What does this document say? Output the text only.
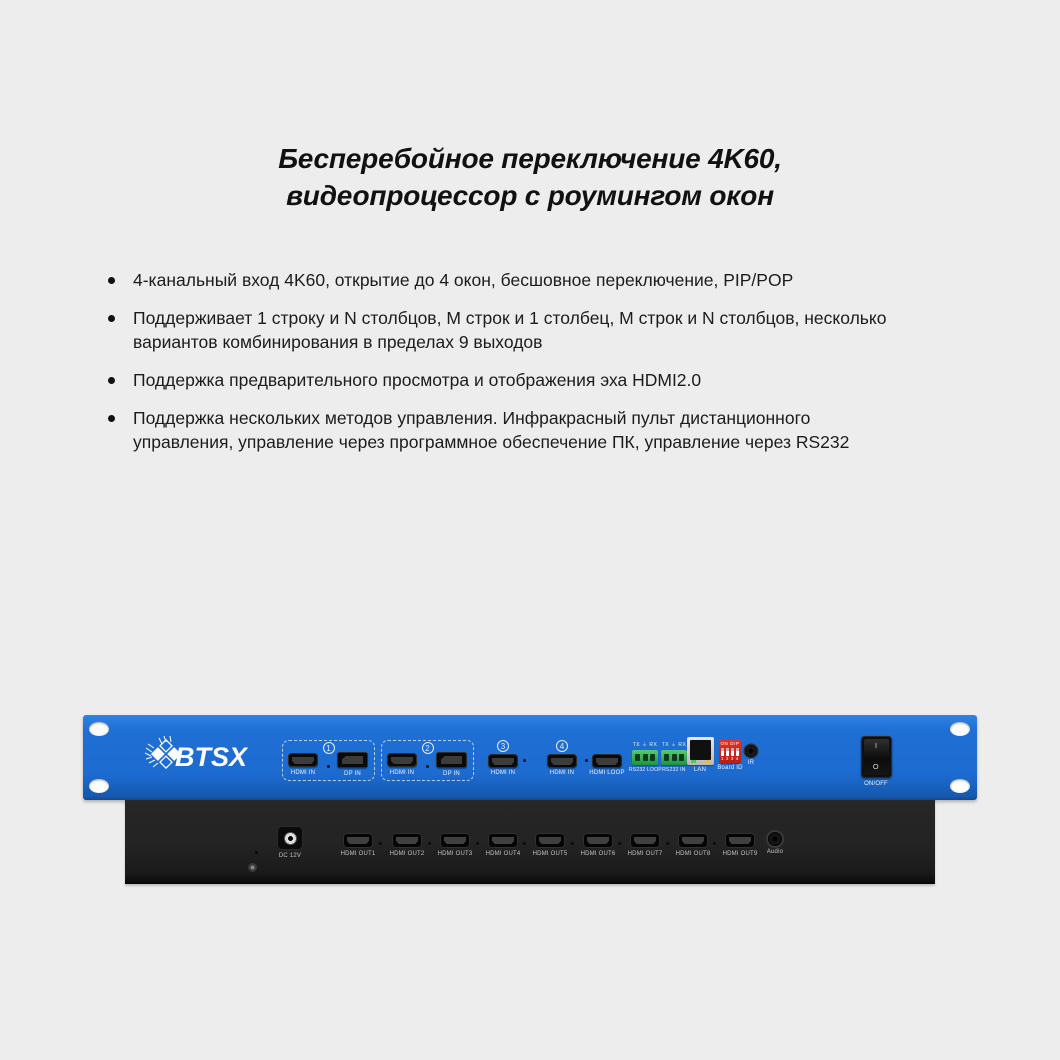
Бесперебойное переключение 4K60,
видеопроцессор с роумингом окон
4-канальный вход 4K60, открытие до 4 окон, бесшовное переключение, PIP/POP
Поддерживает 1 строку и N столбцов, M строк и 1 столбец, M строк и N столбцов, несколько вариантов комбинирования в пределах 9 выходов
Поддержка предварительного просмотра и отображения эха HDMI2.0
Поддержка нескольких методов управления. Инфракрасный пульт дистанционного управления, управление через программное обеспечение ПК, управление через RS232
BTSX	1
HDMI IN	DP IN
2
HDMI IN	DP IN
3
HDMI IN
4
HDMI IN	HDMI LOOP
TX ⏚ RX
RS232 LOOP
TX ⏚ RX
RS232 IN LAN
ON DIP
1 2 3 4
Board ID
IR
I
O
ON/OFF
DC 12V	HDMI OUT1 HDMI OUT2 HDMI OUT3 HDMI OUT4 HDMI OUT5 HDMI OUT6 HDMI OUT7 HDMI OUT8 HDMI OUT9 Audio
